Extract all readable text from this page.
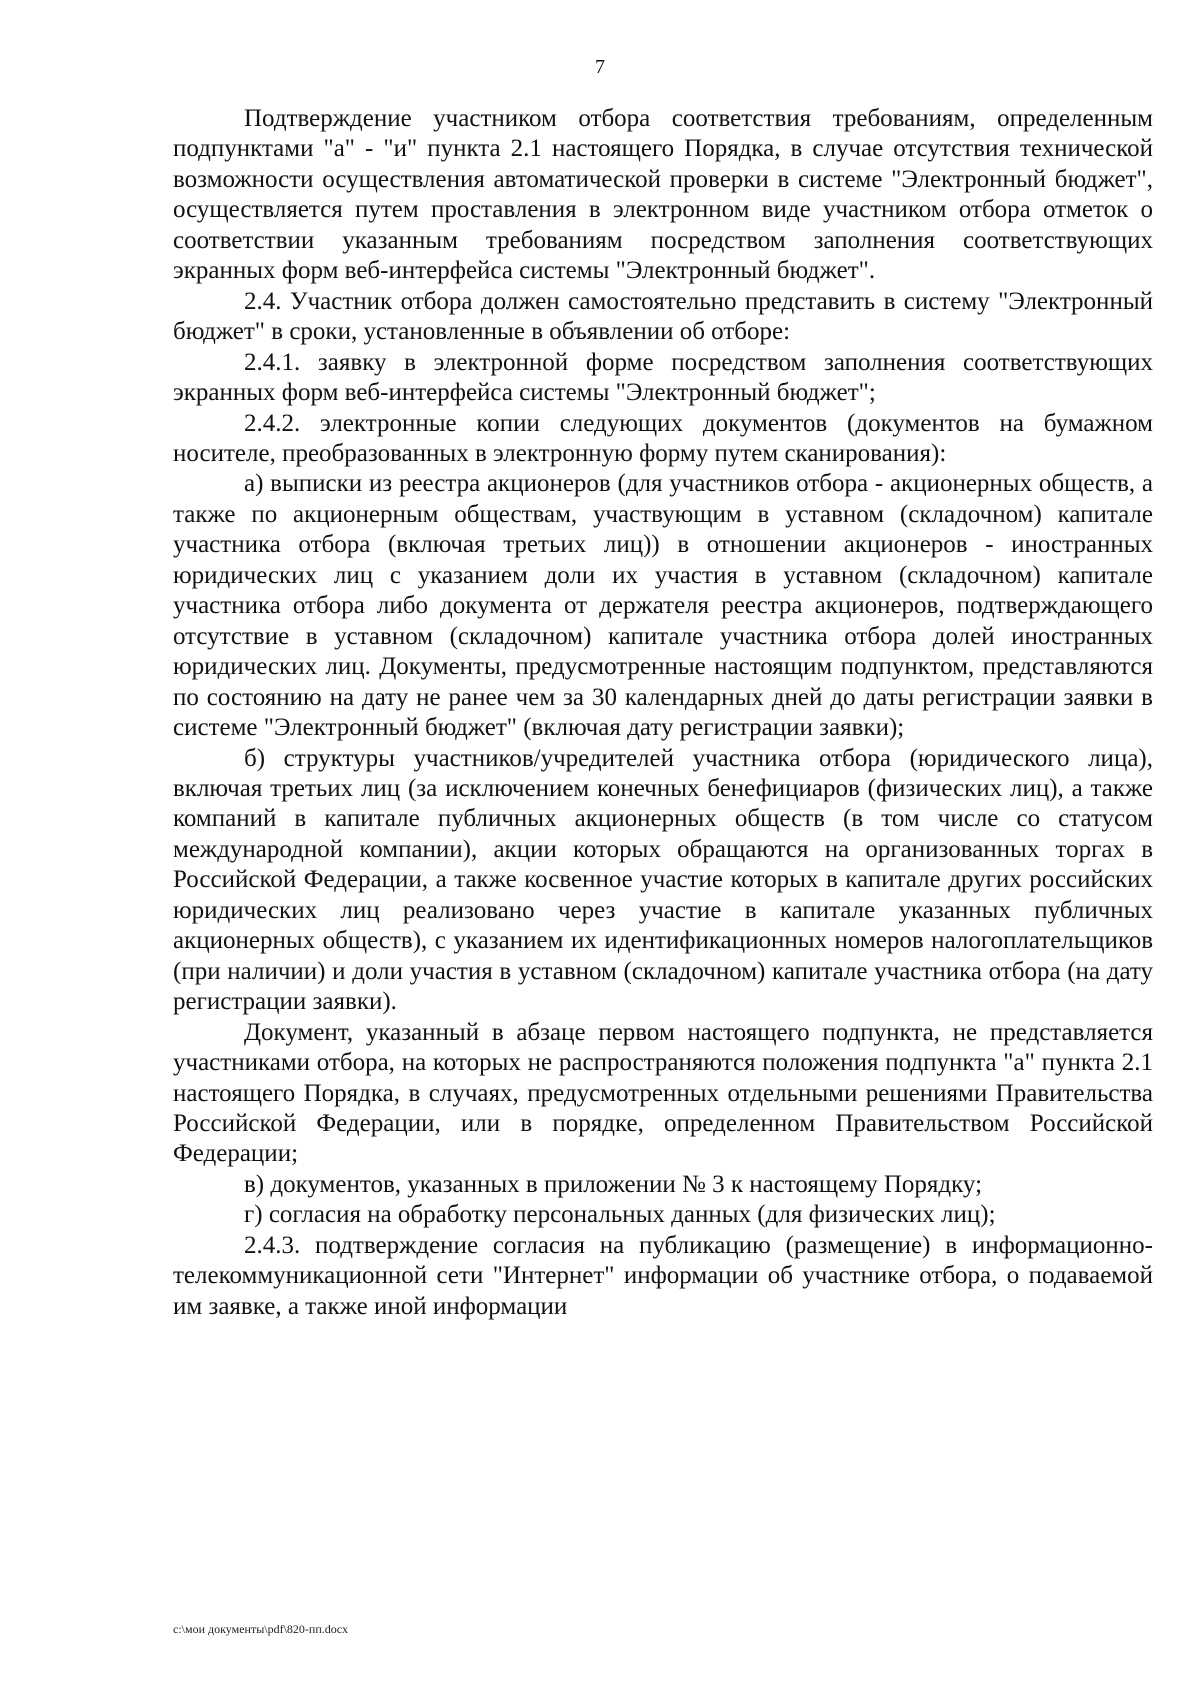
7

Подтверждение участником отбора соответствия требованиям, определенным подпунктами "а" - "и" пункта 2.1 настоящего Порядка, в случае отсутствия технической возможности осуществления автоматической проверки в системе "Электронный бюджет", осуществляется путем проставления в электронном виде участником отбора отметок о соответствии указанным требованиям посредством заполнения соответствующих экранных форм веб-интерфейса системы "Электронный бюджет".

2.4. Участник отбора должен самостоятельно представить в систему "Электронный бюджет" в сроки, установленные в объявлении об отборе:

2.4.1. заявку в электронной форме посредством заполнения соответствующих экранных форм веб-интерфейса системы "Электронный бюджет";

2.4.2. электронные копии следующих документов (документов на бумажном носителе, преобразованных в электронную форму путем сканирования):

а) выписки из реестра акционеров (для участников отбора - акционерных обществ, а также по акционерным обществам, участвующим в уставном (складочном) капитале участника отбора (включая третьих лиц)) в отношении акционеров - иностранных юридических лиц с указанием доли их участия в уставном (складочном) капитале участника отбора либо документа от держателя реестра акционеров, подтверждающего отсутствие в уставном (складочном) капитале участника отбора долей иностранных юридических лиц. Документы, предусмотренные настоящим подпунктом, представляются по состоянию на дату не ранее чем за 30 календарных дней до даты регистрации заявки в системе "Электронный бюджет" (включая дату регистрации заявки);

б) структуры участников/учредителей участника отбора (юридического лица), включая третьих лиц (за исключением конечных бенефициаров (физических лиц), а также компаний в капитале публичных акционерных обществ (в том числе со статусом международной компании), акции которых обращаются на организованных торгах в Российской Федерации, а также косвенное участие которых в капитале других российских юридических лиц реализовано через участие в капитале указанных публичных акционерных обществ), с указанием их идентификационных номеров налогоплательщиков (при наличии) и доли участия в уставном (складочном) капитале участника отбора (на дату регистрации заявки).

Документ, указанный в абзаце первом настоящего подпункта, не представляется участниками отбора, на которых не распространяются положения подпункта "а" пункта 2.1 настоящего Порядка, в случаях, предусмотренных отдельными решениями Правительства Российской Федерации, или в порядке, определенном Правительством Российской Федерации;

в) документов, указанных в приложении № 3 к настоящему Порядку;

г) согласия на обработку персональных данных (для физических лиц);

2.4.3. подтверждение согласия на публикацию (размещение) в информационно-телекоммуникационной сети "Интернет" информации об участнике отбора, о подаваемой им заявке, а также иной информации

c:\мои документы\pdf\820-пп.docx
